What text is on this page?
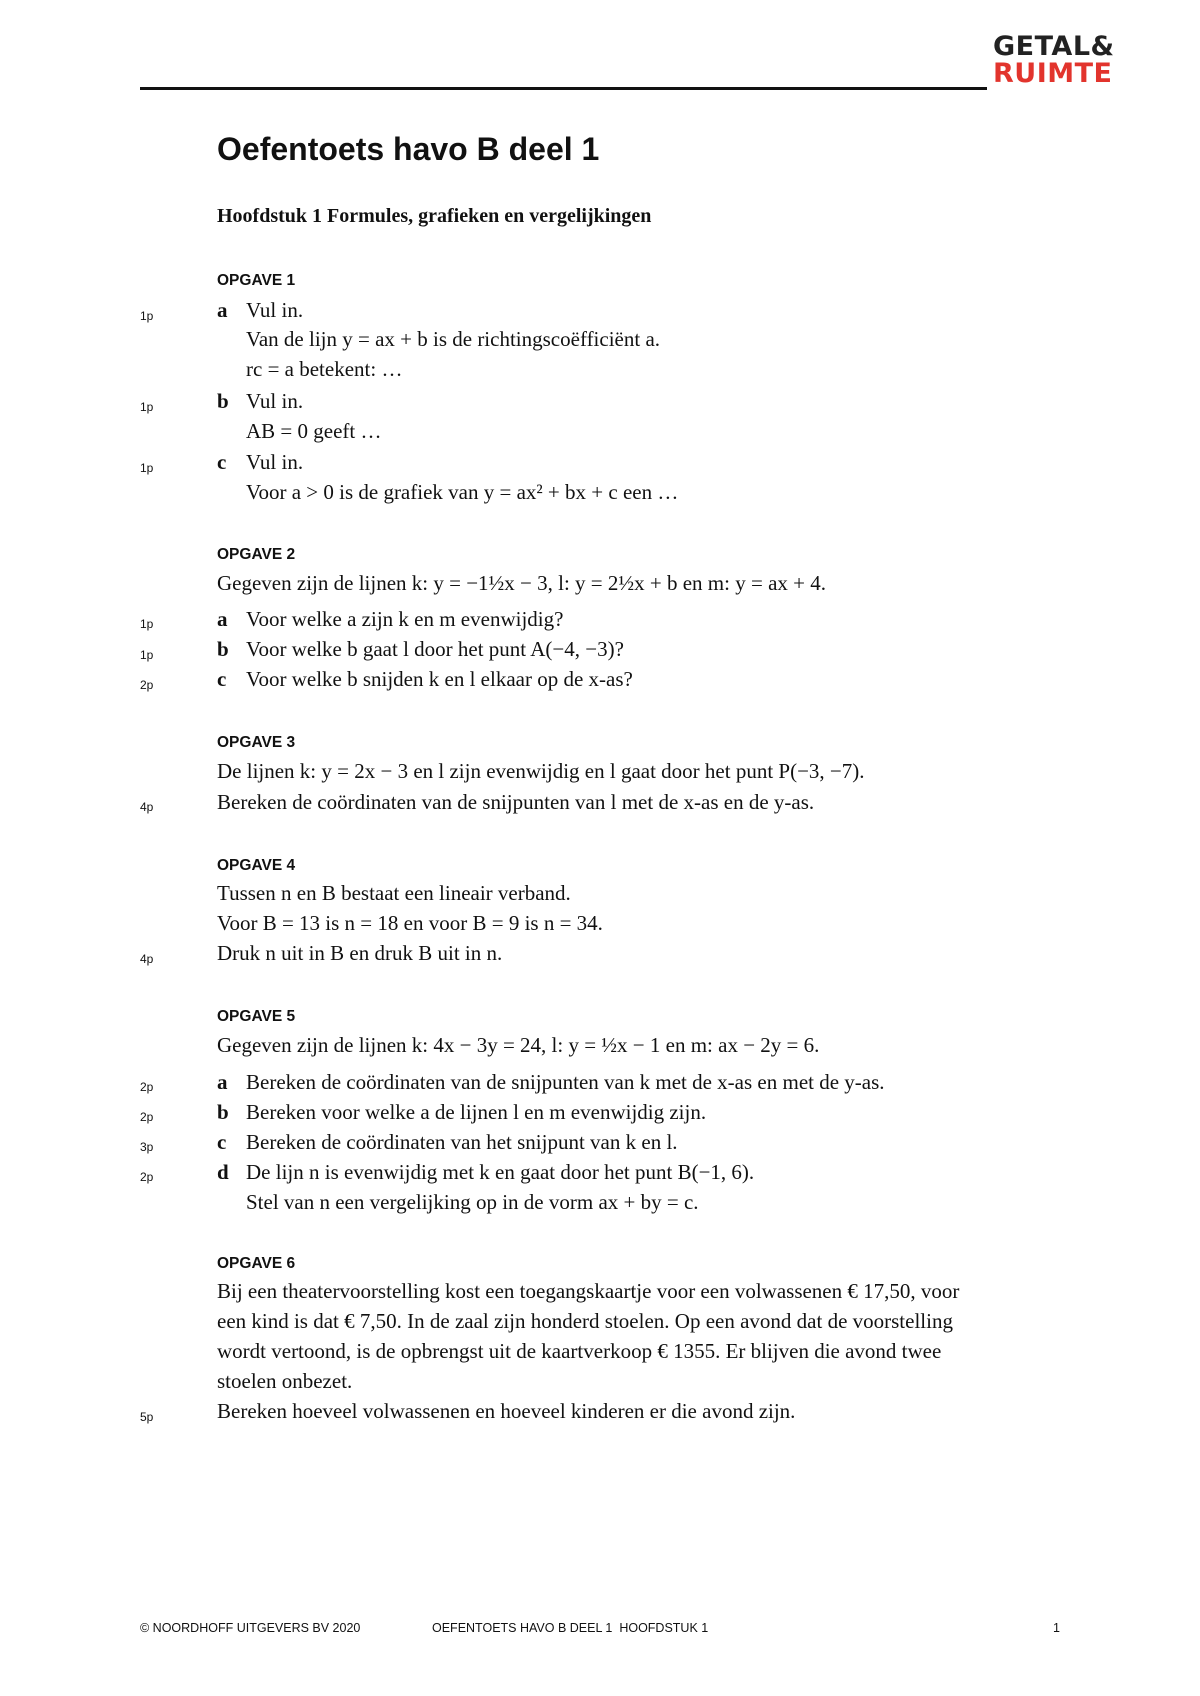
GETAL&
RUIMTE
Oefentoets havo B deel 1
Hoofdstuk 1 Formules, grafieken en vergelijkingen
OPGAVE 1
1p	a Vul in.
Van de lijn y = ax + b is de richtingscoëfficiënt a.
rc = a betekent: …
1p	b Vul in.
AB = 0 geeft …
1p	c Vul in.
Voor a > 0 is de grafiek van y = ax² + bx + c een …
OPGAVE 2
Gegeven zijn de lijnen k: y = −1½x − 3, l: y = 2½x + b en m: y = ax + 4.
1p	a Voor welke a zijn k en m evenwijdig?
1p	b Voor welke b gaat l door het punt A(−4, −3)?
2p	c Voor welke b snijden k en l elkaar op de x-as?
OPGAVE 3
De lijnen k: y = 2x − 3 en l zijn evenwijdig en l gaat door het punt P(−3, −7).
4p	Bereken de coördinaten van de snijpunten van l met de x-as en de y-as.
OPGAVE 4
Tussen n en B bestaat een lineair verband.
Voor B = 13 is n = 18 en voor B = 9 is n = 34.
4p	Druk n uit in B en druk B uit in n.
OPGAVE 5
Gegeven zijn de lijnen k: 4x − 3y = 24, l: y = ½x − 1 en m: ax − 2y = 6.
2p	a Bereken de coördinaten van de snijpunten van k met de x-as en met de y-as.
2p	b Bereken voor welke a de lijnen l en m evenwijdig zijn.
3p	c Bereken de coördinaten van het snijpunt van k en l.
2p	d De lijn n is evenwijdig met k en gaat door het punt B(−1, 6).
Stel van n een vergelijking op in de vorm ax + by = c.
OPGAVE 6
Bij een theatervoorstelling kost een toegangskaartje voor een volwassenen € 17,50, voor
een kind is dat € 7,50. In de zaal zijn honderd stoelen. Op een avond dat de voorstelling
wordt vertoond, is de opbrengst uit de kaartverkoop € 1355. Er blijven die avond twee
stoelen onbezet.
5p	Bereken hoeveel volwassenen en hoeveel kinderen er die avond zijn.
© NOORDHOFF UITGEVERS BV 2020	OEFENTOETS HAVO B DEEL 1  HOOFDSTUK 1	1
